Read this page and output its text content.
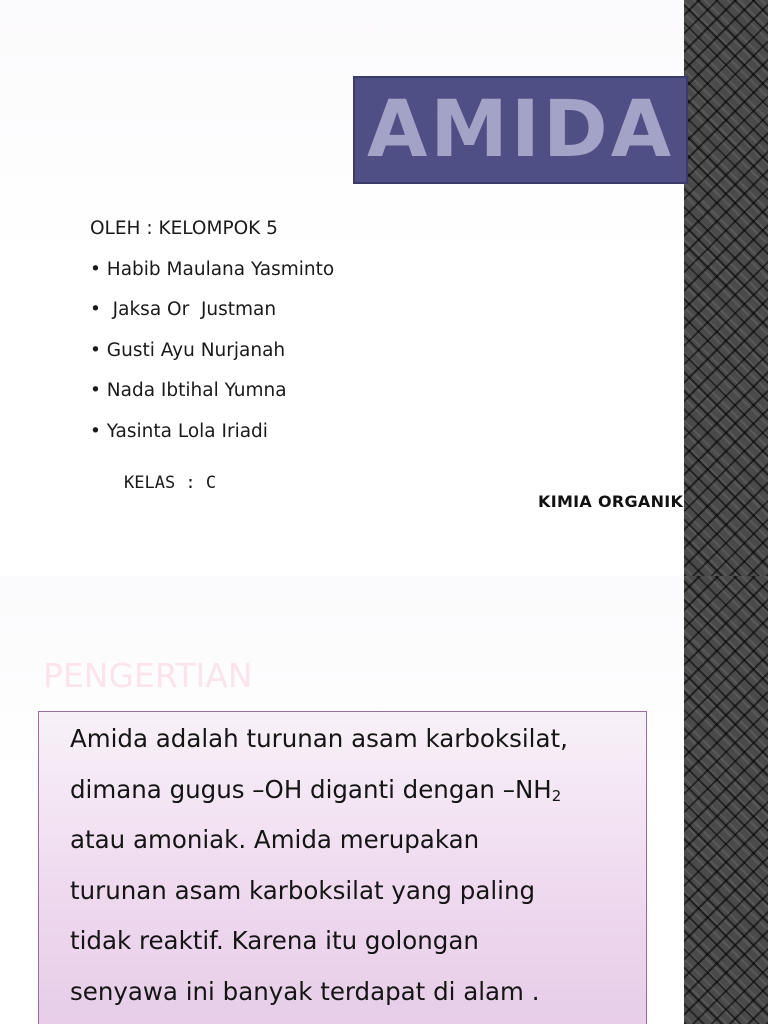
AMIDA
OLEH : KELOMPOK 5
• Habib Maulana Yasminto
•  Jaksa Or  Justman
• Gusti Ayu Nurjanah
• Nada Ibtihal Yumna
• Yasinta Lola Iriadi
KELAS : C
KIMIA ORGANIK
PENGERTIAN

Amida adalah turunan asam karboksilat,
dimana gugus –OH diganti dengan $-NH_2$
atau amoniak. Amida merupakan
turunan asam karboksilat yang paling
tidak reaktif. Karena itu golongan
senyawa ini banyak terdapat di alam .
